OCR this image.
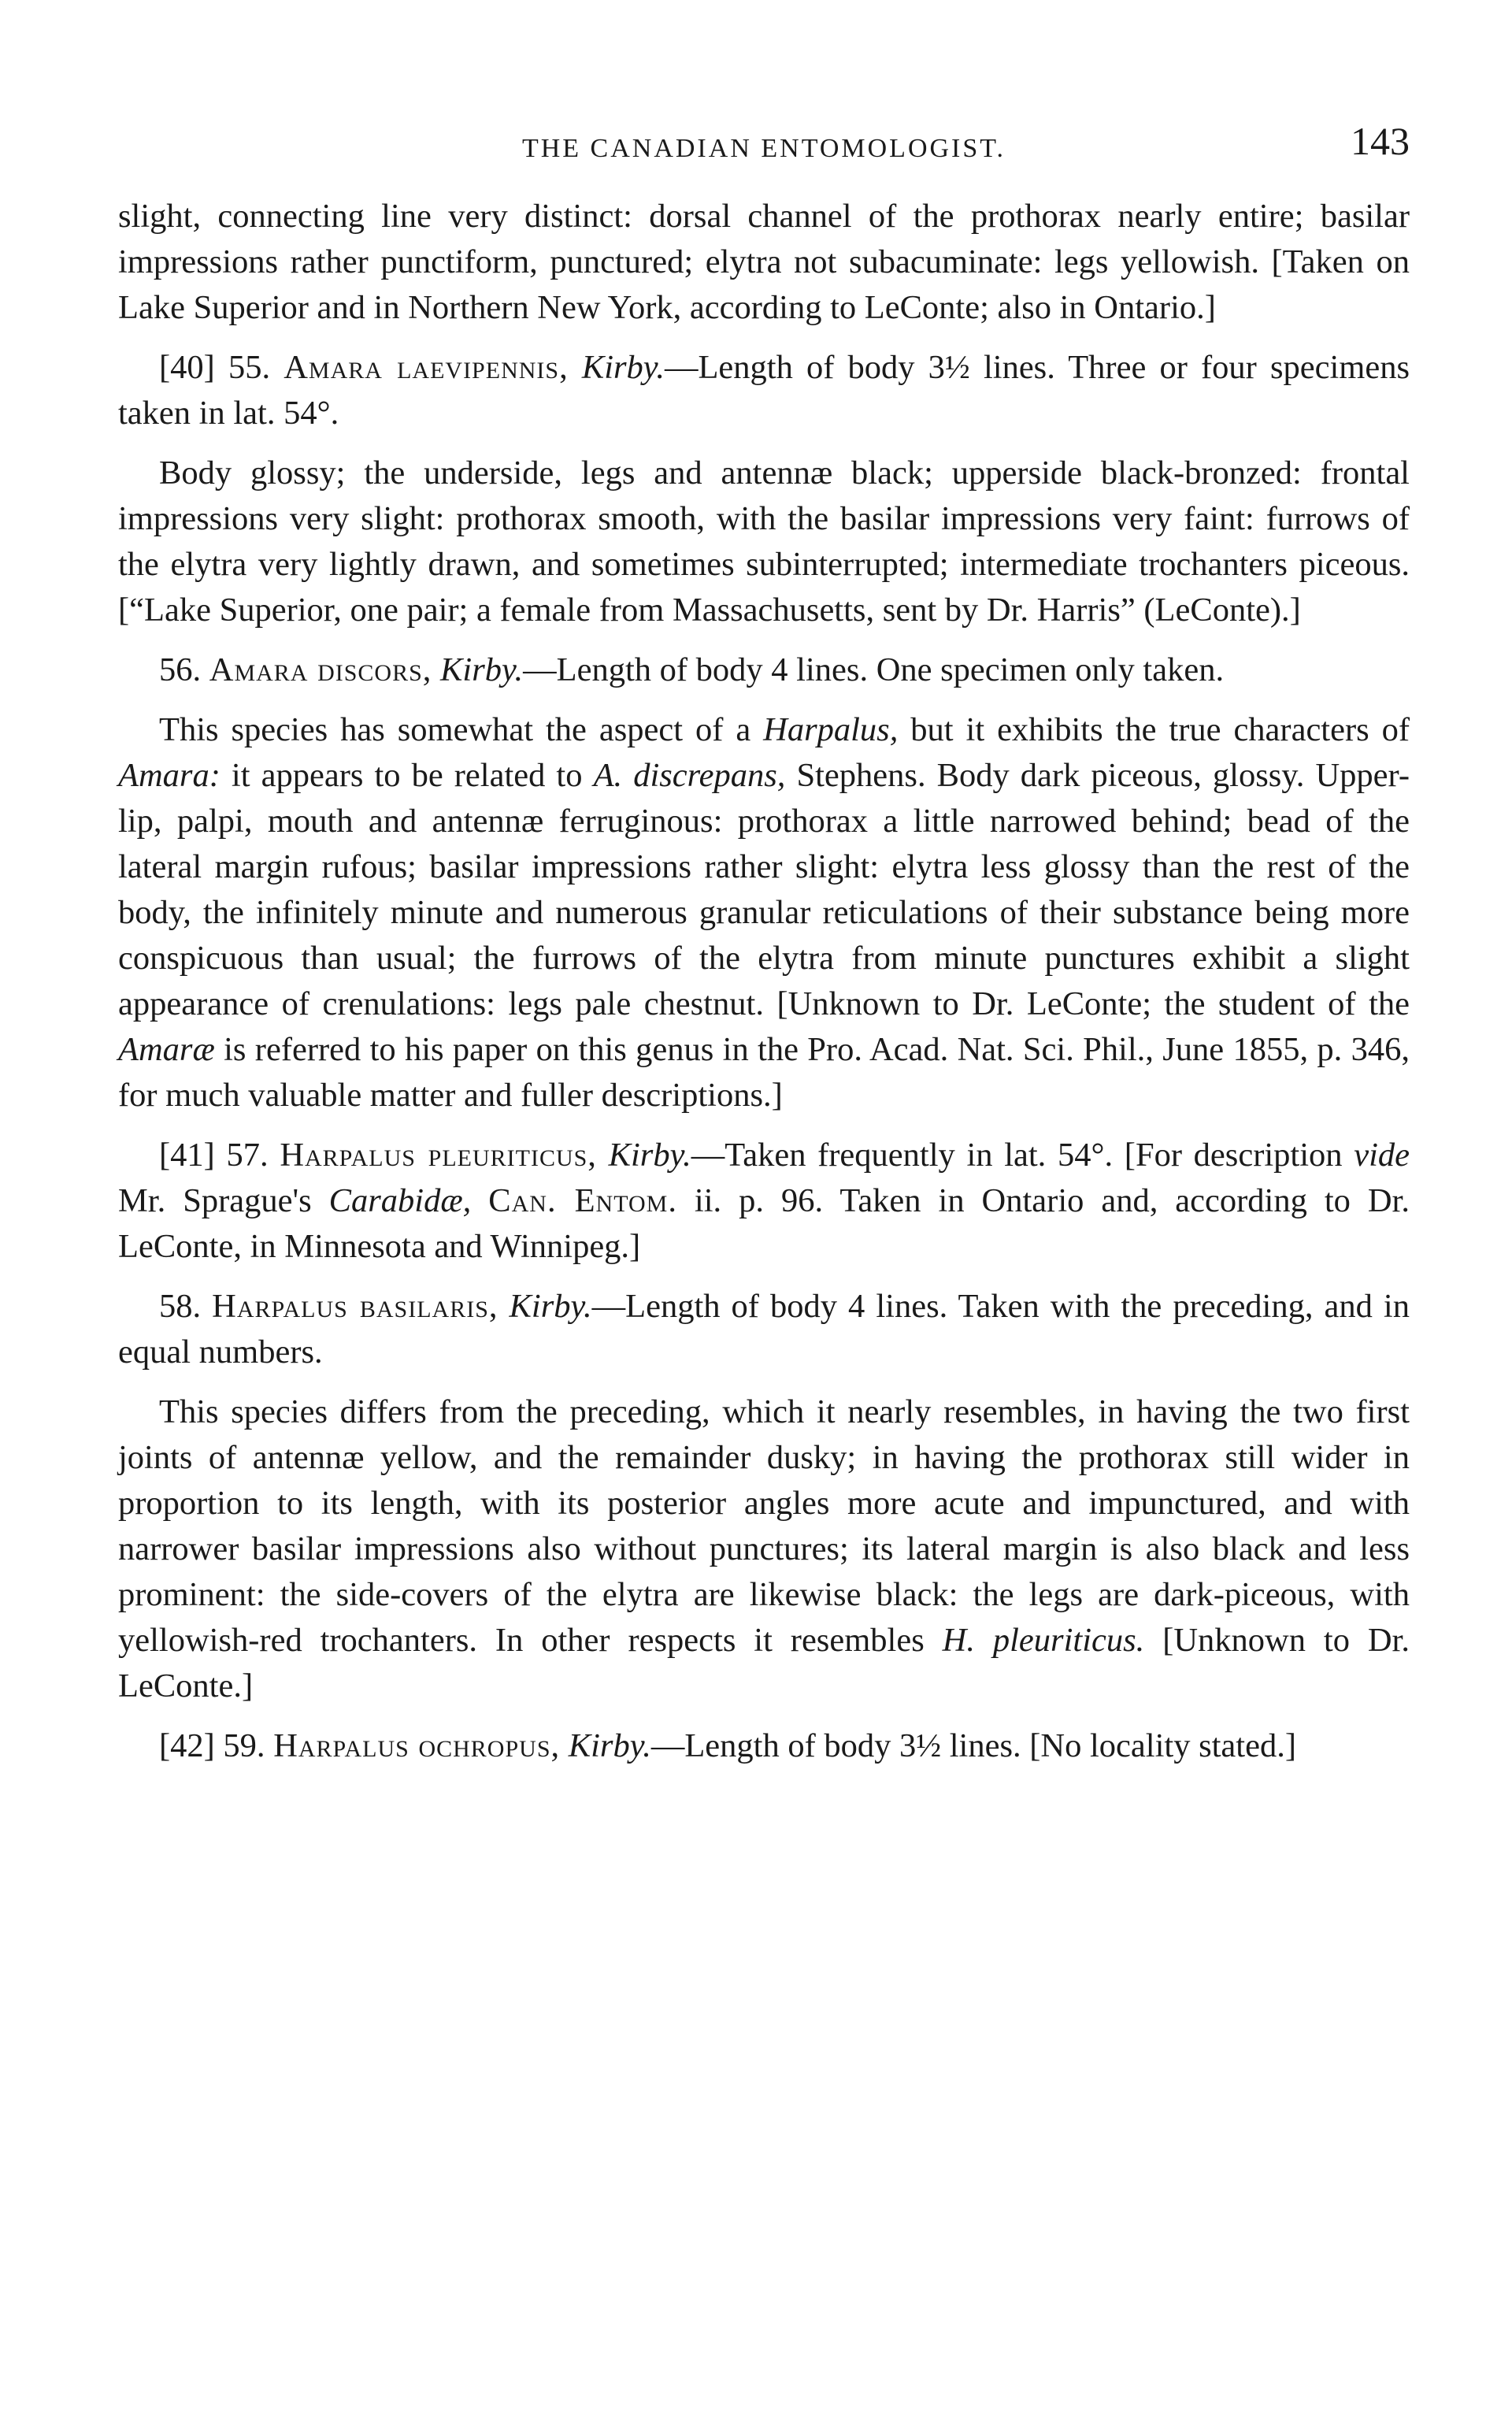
THE CANADIAN ENTOMOLOGIST.	143

slight, connecting line very distinct: dorsal channel of the prothorax nearly entire; basilar impressions rather punctiform, punctured; elytra not subacuminate: legs yellowish. [Taken on Lake Superior and in Northern New York, according to LeConte; also in Ontario.]

[40] 55. Amara laevipennis, Kirby.—Length of body 3½ lines. Three or four specimens taken in lat. 54°.

Body glossy; the underside, legs and antennæ black; upperside black-bronzed: frontal impressions very slight: prothorax smooth, with the basilar impressions very faint: furrows of the elytra very lightly drawn, and sometimes subinterrupted; intermediate trochanters piceous. [“Lake Superior, one pair; a female from Massachusetts, sent by Dr. Harris” (LeConte).]

56. Amara discors, Kirby.—Length of body 4 lines. One specimen only taken.

This species has somewhat the aspect of a Harpalus, but it exhibits the true characters of Amara: it appears to be related to A. discrepans, Stephens. Body dark piceous, glossy. Upper-lip, palpi, mouth and antennæ ferruginous: prothorax a little narrowed behind; bead of the lateral margin rufous; basilar impressions rather slight: elytra less glossy than the rest of the body, the infinitely minute and numerous granular reticulations of their substance being more conspicuous than usual; the furrows of the elytra from minute punctures exhibit a slight appearance of crenulations: legs pale chestnut. [Unknown to Dr. LeConte; the student of the Amaræ is referred to his paper on this genus in the Pro. Acad. Nat. Sci. Phil., June 1855, p. 346, for much valuable matter and fuller descriptions.]

[41] 57. Harpalus pleuriticus, Kirby.—Taken frequently in lat. 54°. [For description vide Mr. Sprague's Carabidæ, Can. Entom. ii. p. 96. Taken in Ontario and, according to Dr. LeConte, in Minnesota and Winnipeg.]

58. Harpalus basilaris, Kirby.—Length of body 4 lines. Taken with the preceding, and in equal numbers.

This species differs from the preceding, which it nearly resembles, in having the two first joints of antennæ yellow, and the remainder dusky; in having the prothorax still wider in proportion to its length, with its posterior angles more acute and impunctured, and with narrower basilar impressions also without punctures; its lateral margin is also black and less prominent: the side-covers of the elytra are likewise black: the legs are dark-piceous, with yellowish-red trochanters. In other respects it resembles H. pleuriticus. [Unknown to Dr. LeConte.]

[42] 59. Harpalus ochropus, Kirby.—Length of body 3½ lines. [No locality stated.]
